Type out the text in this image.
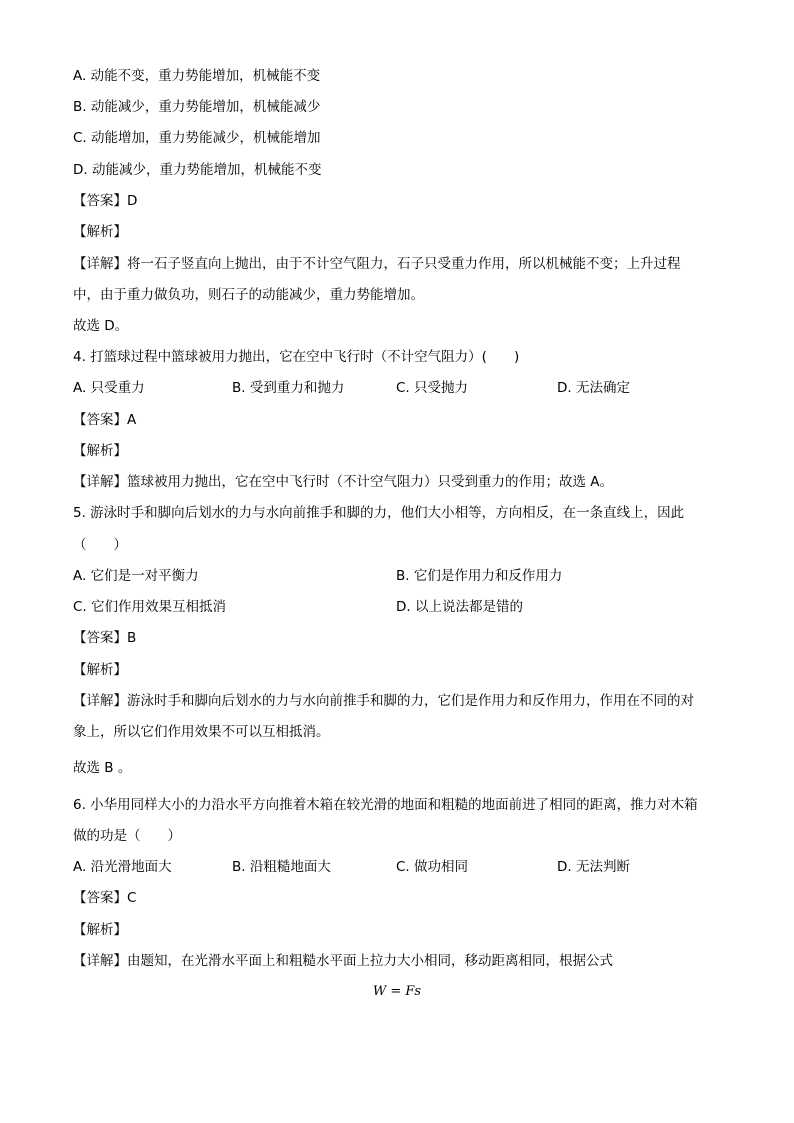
A. 动能不变，重力势能增加，机械能不变
B. 动能减少，重力势能增加，机械能减少
C. 动能增加，重力势能减少，机械能增加
D. 动能减少，重力势能增加，机械能不变
【答案】D
【解析】
【详解】将一石子竖直向上抛出，由于不计空气阻力，石子只受重力作用，所以机械能不变；上升过程
中，由于重力做负功，则石子的动能减少，重力势能增加。
故选 D。
4. 打篮球过程中篮球被用力抛出，它在空中飞行时（不计空气阻力）(　　)
A. 只受重力	B. 受到重力和抛力	C. 只受抛力	D. 无法确定
【答案】A
【解析】
【详解】篮球被用力抛出，它在空中飞行时（不计空气阻力）只受到重力的作用；故选 A。
5. 游泳时手和脚向后划水的力与水向前推手和脚的力，他们大小相等，方向相反，在一条直线上，因此
（　　）
A. 它们是一对平衡力	B. 它们是作用力和反作用力
C. 它们作用效果互相抵消	D. 以上说法都是错的
【答案】B
【解析】
【详解】游泳时手和脚向后划水的力与水向前推手和脚的力，它们是作用力和反作用力，作用在不同的对
象上，所以它们作用效果不可以互相抵消。
故选 B 。
6. 小华用同样大小的力沿水平方向推着木箱在较光滑的地面和粗糙的地面前进了相同的距离，推力对木箱
做的功是（　　）
A. 沿光滑地面大	B. 沿粗糙地面大	C. 做功相同	D. 无法判断
【答案】C
【解析】
【详解】由题知，在光滑水平面上和粗糙水平面上拉力大小相同，移动距离相同，根据公式
W = Fs
